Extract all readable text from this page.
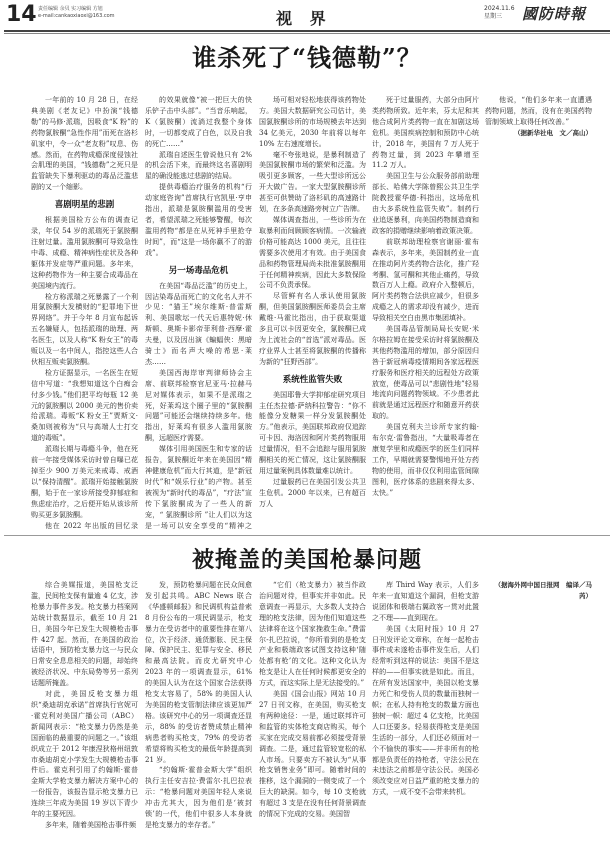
14 责任编辑 余贝 实习编辑 方旭
e-mail:cankaoxiaoxi@163.com	视 界
2024.11.6
星期三	國防時報
谁杀死了“钱德勒”？

一年前的 10 月 28 日，在经典美剧《老友记》中扮演“钱德勒”的马修·派瑞，因吸食“K 粉”的药物氯胺酮“急性作用”而死在洛杉矶家中，令一众“老友粉”叹息、伤感。然而，在药物成瘾深度侵蚀社会肌理的美国，“钱德勒”之死只是监管缺失下暴利驱动的毒品泛滥悲剧的又一个缩影。

喜剧明星的悲剧

根据美国检方公布的调查记录，年仅 54 岁的派瑞死于氯胺酮注射过量。滥用氯胺酮可导致急性中毒、成瘾、精神病性症状及各种躯体并发症等严重问题。多年来，这种药物作为一种主要合成毒品在美国境内流行。

检方称派瑞之死暴露了一个利用氯胺酮大发横财的“犯罪地下世界网络”。并于今年 8 月宣布起诉五名嫌疑人，包括派瑞的助理、两名医生，以及人称“K 粉女王”的毒贩以及一名中间人，指控这些人合伙相互贩卖氯胺酮。

检方证据显示，一名医生在短信中写道：“我想知道这个白痴会付多少钱。”他们把平均每瓶 12 美元的氯胺酮以 2000 美元的售价卖给派瑞。毒贩“K 粉女王”贾斯文·桑加则被称为“只与高端人士打交道的毒贩”。

派瑞长期与毒瘾斗争，他在死前一年接受媒体采访时曾自曝已花掉至少 900 万美元来戒毒、戒酒以“保持清醒”。派瑞开始接触氯胺酮，始于在一家诊所接受抑郁症和焦虑症治疗，之后便开始从该诊所购买更多氯胺酮。

他在 2022 年出版的回忆录

的效果就像“被一把巨大的快乐铲子击中头部”。“当音乐响起，K（氯胺酮）流淌过我整个身体时，一切都变成了白色，以及自我的死亡……”

派瑞自述医生曾说他只有 2% 的机会活下来，而最终这名喜剧明星的确没能逃过悲剧的结局。

提供毒瘾治疗服务的机构“行动家庭咨询”首席执行官凯里·亨申指出，派瑞是氯胺酮滥用的受害者，希望派瑞之死能够警醒，每次滥用药物“都是在从死神手里抢夺时间”，而“这是一场你赢不了的游戏”。

另一场毒品危机

在美国“毒品泛滥”的历史上，因沾染毒品而死亡的文化名人并不少见：“猫王”埃尔维斯·普雷斯利、美国歌坛一代天后惠特妮·休斯顿、奥斯卡影帝菲利普·西摩·霍夫曼，以及因出演《蝙蝠侠：黑暗骑士》而名声大噪的希思·莱杰……

美国西海岸审判律师协会主席、前联邦检察官尼亚马·拉赫马尼对媒体表示，如果不是派瑞之死，好莱坞这个圈子里的“氯胺酮问题”可能还会继续持续多年。他指出，好莱坞有很多人滥用氯胺酮，远超医疗需要。

媒体引用美国医生和专家的话报告，氯胺酮近年来在美国因“精神健康危机”而大行其道，是“新冠时代”和“娱乐行业”的产物。甚至被视为“新时代的毒品”，“疗法”宣传下氯胺酮成为了一些人的新宠，“ 氯胺酮诊所 ”让人们以为这是一场可以安全享受的“精神之

场可相对轻松地获得该药物处方。美国大数据研究公司估计，美国氯胺酮诊所的市场规模去年达到 34 亿美元，2030 年前将以每年 10% 左右速度增长。

毫不夸张地说，是暴利制造了美国氯胺酮市场的繁荣和泛滥。为吸引更多顾客，一些大型诊所远公开大做广告。一家大型氯胺酮诊所甚至可供赞助了洛杉矶的高速路计划，在多条高速路旁树立广告牌。

媒体调查指出，一些诊所为在取暴利而间顾顾客病情。一次输液价格可能高达 1000 美元，且往往需要多次使用才有效。由于美国食品和药物管理局尚未批准氯胺酮用于任何精神疾病，因此大多数保险公司不负责承保。

尽管鲜有名人承认使用氯胺酮，但美国氯胺酮医师委员会主席戴维·马霍比指出，由于获取渠道多且可以卡因更安全，氯胺酮已成为上流社会的“首选”派对毒品。医疗业界人士甚至将氯胺酮的传播称为新的“狂野西部”。

系统性监管失败

美国耶鲁大学抑郁症研究项目主任杰拉德·萨纳科拉警告：“你不能像分发糖果一样分发氯胺酮处方。”他表示，美国联邦政府仅追踪可卡因、海洛因和阿片类药物服用过量情况，但不会追踪与服用氯胺酮相关的死亡情况，这让氯胺酮服用过量案例具体数量难以统计。

过量服药已在美国引发公共卫生危机。2000 年以来，已有超百万人

死于过量服药，大部分由阿片类药物所致。近年来，芬太尼和其他合成阿片类药物一直在加剧这场危机。美国疾病控制和预防中心统计，2018 年，美国有 7 万人死于药物过量，到 2023 年攀增至 11.2 万人。

美国卫生与公众服务部前助理部长、哈佛大学陈曾熙公共卫生学院教授霍华德·科指出，这场危机由大多系统性监管失败”。制药行业追逐暴利，向美国药物制造商和政客的捐赠继续影响着政策决策。

前联邦助理检察官谢丽·霍布森表示，多年来，美国制药业一直在推动阿片类药物合法化，推广羟考酮、氢可酮和其他止痛药，导致数百万人上瘾。政府介入整顿后，阿片类药物合法供应减少，但很多成瘾之人的需求却没有减少，进而导致相关空白由黑市集团填补。

美国毒品管制局局长安妮·米尔格拉姆在接受采访时将氯胺酮及其他药物滥用的增加，部分原因归咎于新冠病毒疫情期间各家远程医疗服务和医疗相关的远程处方政策放宽，使毒品可以“悲剧性地”轻易地流向问题药物领域。不少患者此前就是通过远程医疗和随意开药获取的。

美国克利夫兰诊所专家约翰·布尔克·雷鲁指出，“大量吸毒者在康复学里和成瘾医学的医生们同样工作，早期就需要警惕地开处方药物的使用，而非仅仅利用监管间隙图利，医疗体系的悲剧来得太多、太快。”

他说，“他们多年来一直遭遇药物问题，然而，没有在美国药物管制领域上取得任何改善。”

（据新华社电　文／高山）

被掩盖的美国枪暴问题

综合美媒报道，美国枪支泛滥，民间枪支保有量逾 4 亿支，涉枪暴力事件多发。枪支暴力档案网站统计数据显示，截至 10 月 21 日，美国今年已发生大规模枪击事件 427 起。然而，在美国的政治话语中，预防枪支暴力这一与民众日常安全息息相关的问题，却始终被经济状况、中东局势等另一系列话题所掩盖。

对此，美国反枪支暴力组织“桑迪胡克承诺”首席执行官妮可·霍克利对美国广播公司（ABC）新闻网表示：“枪支暴力仍然是美国面临的最重要的问题之一。”该组织成立于 2012 年康涅狄格州纽敦市桑迪胡克小学发生大规模枪击事件后。霍克利引用了约翰斯·霍普金斯大学枪支暴力解决方案中心的一份报告，该报告显示枪支暴力已连续三年成为美国 19 岁以下青少年的主要死因。

多年来，随着美国枪击事件频

发，预防枪暴问题在民众间愈发引起共鸣。ABC News 联合《华盛顿邮报》和民调机构益普索 8 月份公布的一项民调显示，枪支暴力在受访者中的重要性排在第八位，次于经济、通货膨胀、民主保障、保护民主、犯罪与安全、移民和最高法院。而皮尤研究中心 2023 年的一项调查显示，61% 的美国人认为在这个国家合法获得枪支太容易了，58% 的美国人认为美国的枪支管制法律应该更加严格。该研究中心的另一项调查还显示，88% 的受访者赞成禁止精神病患者购买枪支，79% 的受访者希望将购买枪支的最低年龄提高到 21 岁。

“约翰斯·霍普金斯大学”组织执行主任安吉拉·费雷尔·扎巴拉表示：“枪暴问题对美国年轻人来说冲击尤其大，因为他们是‘被封锁’的一代，他们中很多人本身就是枪支暴力的幸存者。”

“它们（枪支暴力）被当作政治问题对待，但事实并非如此。民意调查一再显示，大多数人支持合理的枪支法律，因为他们知道这些法律将在这个国家挽救生命。”费雷尔-扎巴拉说，“你所看到的是枪支产业和极端政客试图支持这种‘随处都有枪’的文化。这种文化认为枪支是让人在任何时候都更安全的方式，而这实际上是无法接受的。”

美国《国会山报》网站 10 月 27 日刊文称，在美国，购买枪支有两种途径：一是，通过联邦许可和监管的实体枪支商店购买，每个买家在完成交易前都必须接受背景调查。二是，通过监管较宽松的私人市场。只要卖方不被认为“从事枪支销售业务”即可。随着时间的推移，这个漏洞的一侧变成了一个巨大的缺洞。如今，每 10 支枪就有超过 3 支是在没有任何背景调查的情况下完成的交易。美国智

库 Third Way 表示，人们多年来一直知道这个漏洞，但枪支游说团体和极端右翼政客一贯对此置之不理——直到现在。

美国《太阳时报》10 月 27 日刊发评论文章称，在每一起枪击事件或未遂枪击事件发生后，人们经常听到这样的说法：美国不是这样的——但事实就是如此。而且，在所有发达国家中，美国以枪支暴力死亡和受伤人员的数量而独树一帜；在私人持有枪支的数量方面也独树一帜：超过 4 亿支枪，比美国人口还要多。轻易获得枪支是美国生活的一部分，人们还必须面对一个不愉快的事实——并非所有的枪都是负责任的持枪者，守法公民在未违法之前都是守法公民。美国必须改变应对日益严重的枪支暴力的方式，一成不变不会带来转机。

（据海外网中国日报网　编译／马芮）
